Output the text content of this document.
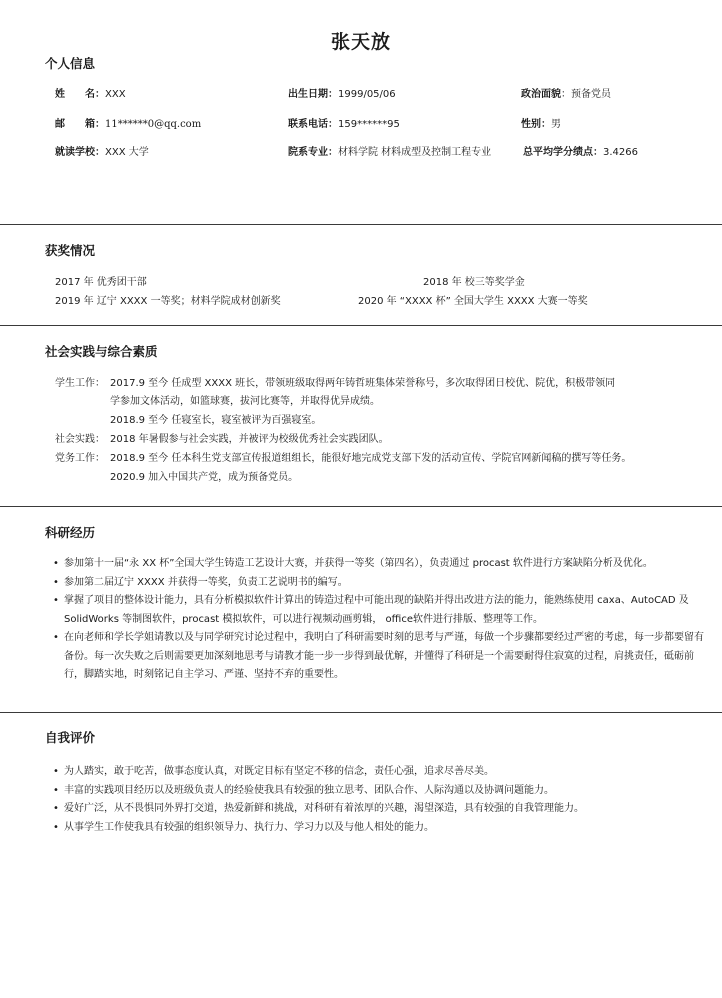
张天放
个人信息
姓　　名：XXX	出生日期：1999/05/06	政治面貌：预备党员
邮　　箱：11******0@qq.com	联系电话：159******95	性别：男
就读学校：XXX 大学	院系专业：材料学院 材料成型及控制工程专业	总平均学分绩点：3.4266
获奖情况
2017 年 优秀团干部	2018 年 校三等奖学金
2019 年 辽宁 XXXX 一等奖；材料学院成材创新奖	2020 年 “XXXX 杯” 全国大学生 XXXX 大赛一等奖
社会实践与综合素质
学生工作： 2017.9 至今 任成型 XXXX 班长，带领班级取得两年铸哲班集体荣誉称号，多次取得团日校优、院优，积极带领同
学参加文体活动，如篮球赛，拔河比赛等，并取得优异成绩。
2018.9 至今 任寝室长，寝室被评为百强寝室。
社会实践： 2018 年暑假参与社会实践，并被评为校级优秀社会实践团队。
党务工作： 2018.9 至今 任本科生党支部宣传报道组组长，能很好地完成党支部下发的活动宣传、学院官网新闻稿的撰写等任务。
2020.9 加入中国共产党，成为预备党员。
科研经历
• 参加第十一届“永 XX 杯”全国大学生铸造工艺设计大赛，并获得一等奖（第四名），负责通过 procast 软件进行方案缺陷分析及优化。
• 参加第二届辽宁 XXXX 并获得一等奖，负责工艺说明书的编写。
• 掌握了项目的整体设计能力，具有分析模拟软件计算出的铸造过程中可能出现的缺陷并得出改进方法的能力，能熟练使用 caxa、AutoCAD 及 SolidWorks 等制图软件，procast 模拟软件，可以进行视频动画剪辑， office软件进行排版、整理等工作。
• 在向老师和学长学姐请教以及与同学研究讨论过程中，我明白了科研需要时刻的思考与严谨，每做一个步骤都要经过严密的考虑，每一步都要留有备份。每一次失败之后则需要更加深刻地思考与请教才能一步一步得到最优解，并懂得了科研是一个需要耐得住寂寞的过程，肩挑责任，砥砺前行，脚踏实地，时刻铭记自主学习、严谨、坚持不弃的重要性。
自我评价
• 为人踏实，敢于吃苦，做事态度认真，对既定目标有坚定不移的信念，责任心强，追求尽善尽美。
• 丰富的实践项目经历以及班级负责人的经验使我具有较强的独立思考、团队合作、人际沟通以及协调问题能力。
• 爱好广泛，从不畏惧同外界打交道，热爱新鲜和挑战，对科研有着浓厚的兴趣，渴望深造，具有较强的自我管理能力。
• 从事学生工作使我具有较强的组织领导力、执行力、学习力以及与他人相处的能力。
